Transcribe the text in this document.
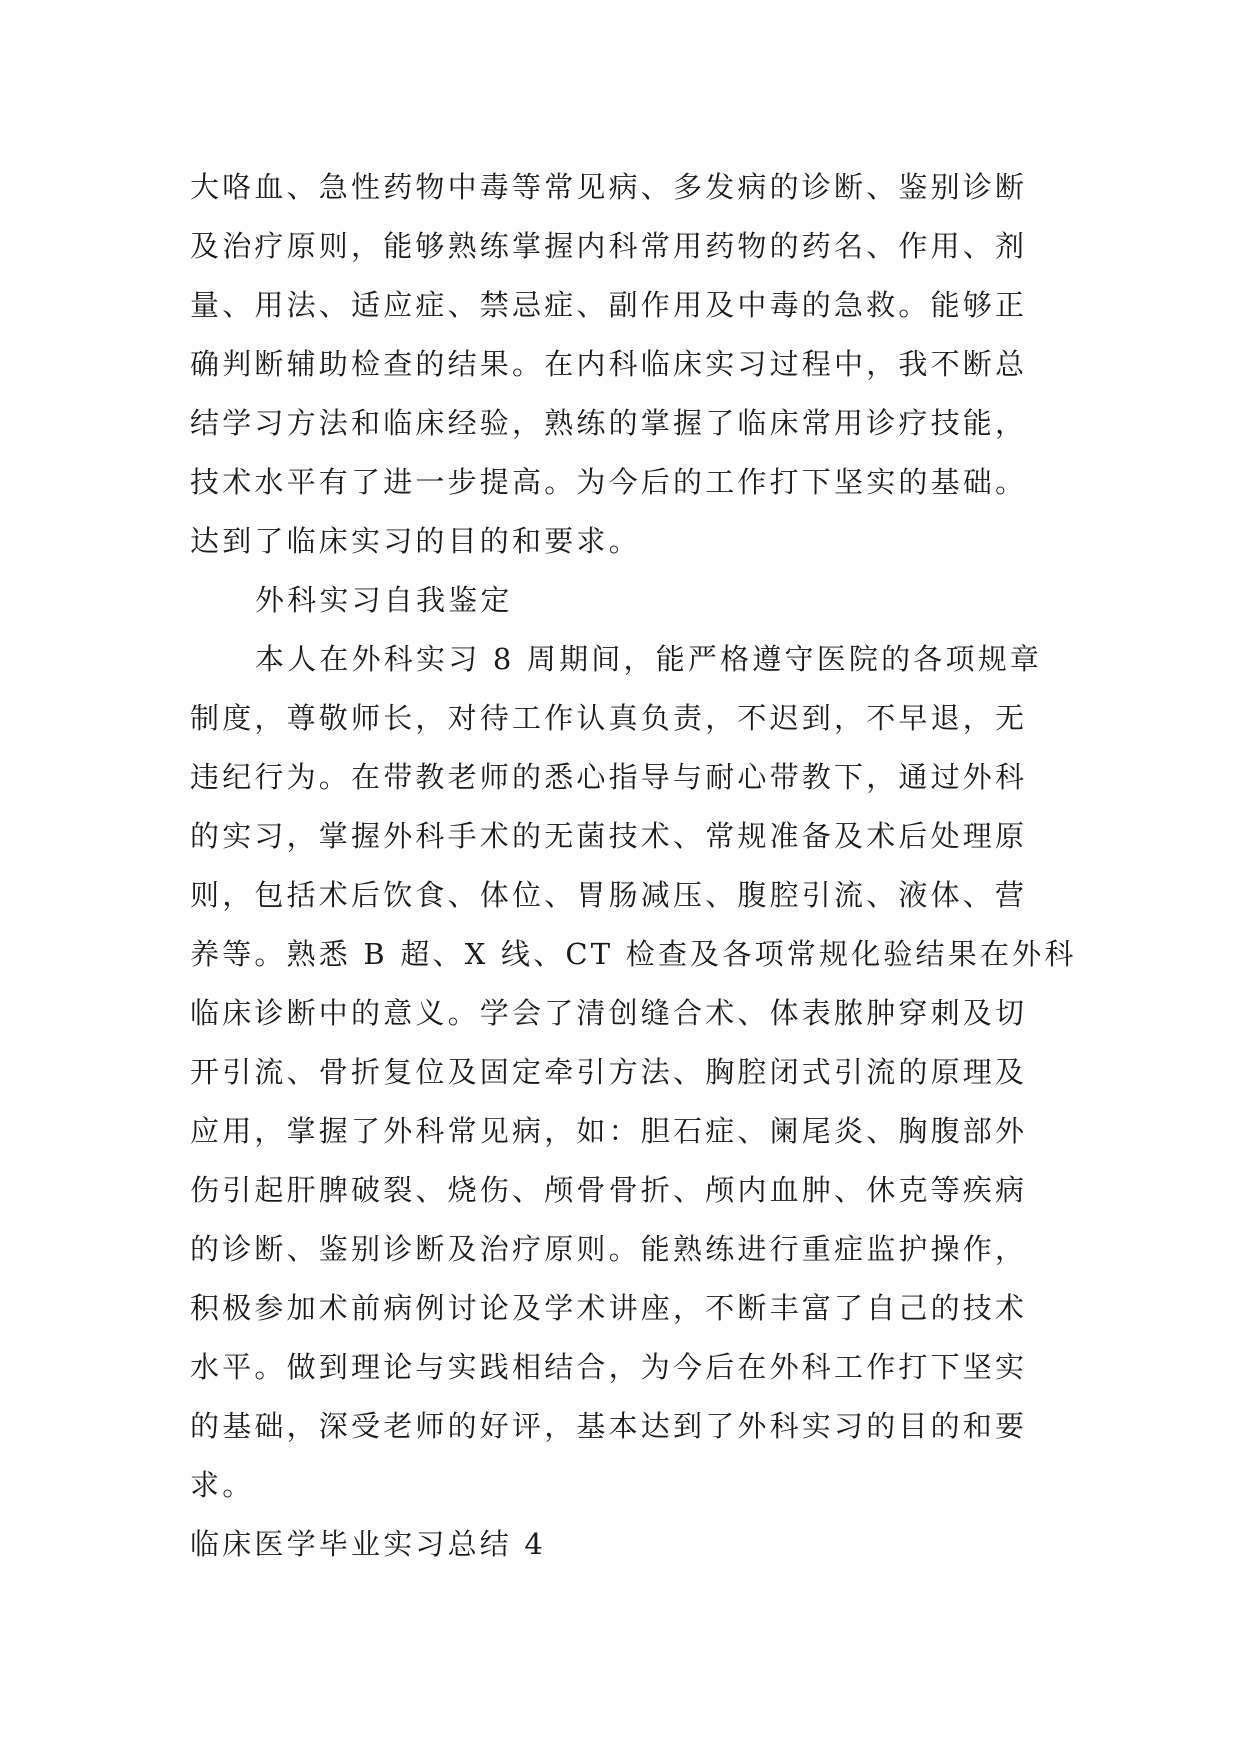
大咯血、急性药物中毒等常见病、多发病的诊断、鉴别诊断

及治疗原则，能够熟练掌握内科常用药物的药名、作用、剂

量、用法、适应症、禁忌症、副作用及中毒的急救。能够正

确判断辅助检查的结果。在内科临床实习过程中，我不断总

结学习方法和临床经验，熟练的掌握了临床常用诊疗技能，

技术水平有了进一步提高。为今后的工作打下坚实的基础。

达到了临床实习的目的和要求。

外科实习自我鉴定

本人在外科实习 8 周期间，能严格遵守医院的各项规章

制度，尊敬师长，对待工作认真负责，不迟到，不早退，无

违纪行为。在带教老师的悉心指导与耐心带教下，通过外科

的实习，掌握外科手术的无菌技术、常规准备及术后处理原

则，包括术后饮食、体位、胃肠减压、腹腔引流、液体、营

养等。熟悉 B 超、X 线、CT 检查及各项常规化验结果在外科

临床诊断中的意义。学会了清创缝合术、体表脓肿穿刺及切

开引流、骨折复位及固定牵引方法、胸腔闭式引流的原理及

应用，掌握了外科常见病，如：胆石症、阑尾炎、胸腹部外

伤引起肝脾破裂、烧伤、颅骨骨折、颅内血肿、休克等疾病

的诊断、鉴别诊断及治疗原则。能熟练进行重症监护操作，

积极参加术前病例讨论及学术讲座，不断丰富了自己的技术

水平。做到理论与实践相结合，为今后在外科工作打下坚实

的基础，深受老师的好评，基本达到了外科实习的目的和要

求。

临床医学毕业实习总结 4
